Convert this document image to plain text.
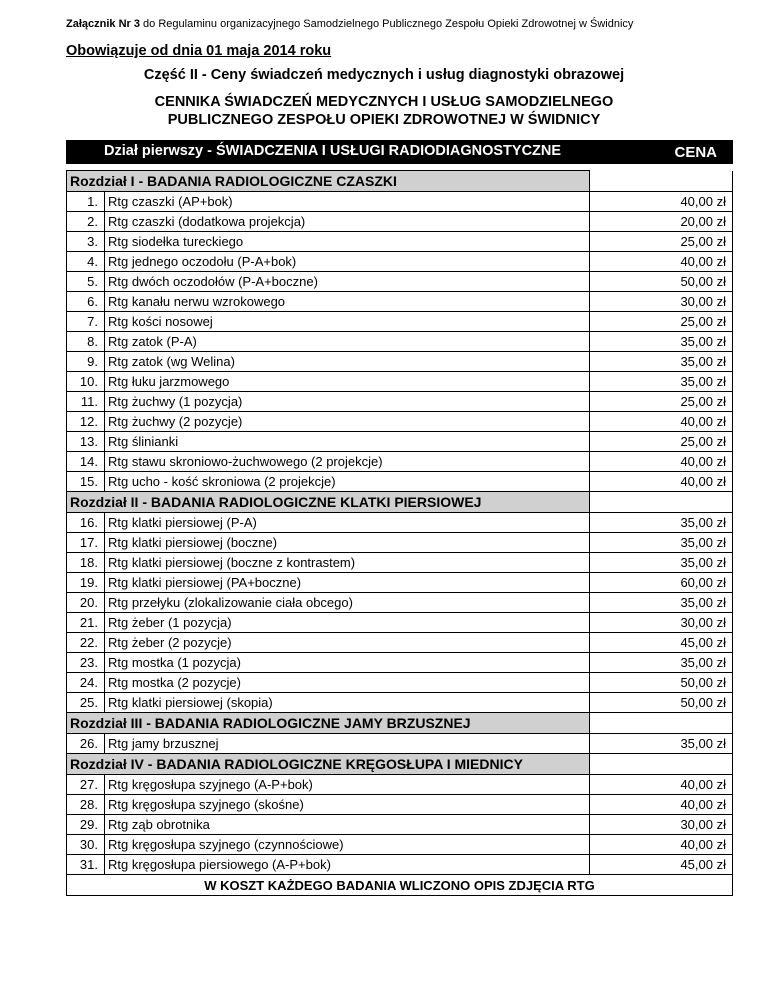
Załącznik Nr 3 do Regulaminu organizacyjnego Samodzielnego Publicznego Zespołu Opieki Zdrowotnej w Świdnicy
Obowiązuje od dnia 01 maja 2014 roku
Część II - Ceny świadczeń medycznych i usług diagnostyki obrazowej
CENNIKA ŚWIADCZEŃ MEDYCZNYCH I USŁUG SAMODZIELNEGO
PUBLICZNEGO ZESPOŁU OPIEKI ZDROWOTNEJ W ŚWIDNICY
Dział pierwszy - ŚWIADCZENIA I USŁUGI RADIODIAGNOSTYCZNE	CENA
Rozdział I - BADANIA RADIOLOGICZNE CZASZKI		
1.	Rtg czaszki (AP+bok)	40,00 zł
2.	Rtg czaszki (dodatkowa projekcja)	20,00 zł
3.	Rtg siodełka tureckiego	25,00 zł
4.	Rtg jednego oczodołu (P-A+bok)	40,00 zł
5.	Rtg dwóch oczodołów (P-A+boczne)	50,00 zł
6.	Rtg kanału nerwu wzrokowego	30,00 zł
7.	Rtg kości nosowej	25,00 zł
8.	Rtg zatok (P-A)	35,00 zł
9.	Rtg zatok (wg Welina)	35,00 zł
10.	Rtg łuku jarzmowego	35,00 zł
11.	Rtg żuchwy (1 pozycja)	25,00 zł
12.	Rtg żuchwy (2 pozycje)	40,00 zł
13.	Rtg ślinianki	25,00 zł
14.	Rtg stawu skroniowo-żuchwowego (2 projekcje)	40,00 zł
15.	Rtg ucho - kość skroniowa (2 projekcje)	40,00 zł
Rozdział II - BADANIA RADIOLOGICZNE KLATKI PIERSIOWEJ		
16.	Rtg klatki piersiowej (P-A)	35,00 zł
17.	Rtg klatki piersiowej (boczne)	35,00 zł
18.	Rtg klatki piersiowej (boczne z kontrastem)	35,00 zł
19.	Rtg klatki piersiowej (PA+boczne)	60,00 zł
20.	Rtg przełyku (zlokalizowanie ciała obcego)	35,00 zł
21.	Rtg żeber (1 pozycja)	30,00 zł
22.	Rtg żeber (2 pozycje)	45,00 zł
23.	Rtg mostka (1 pozycja)	35,00 zł
24.	Rtg mostka (2 pozycje)	50,00 zł
25.	Rtg klatki piersiowej (skopia)	50,00 zł
Rozdział III - BADANIA RADIOLOGICZNE JAMY BRZUSZNEJ		
26.	Rtg jamy brzusznej	35,00 zł
Rozdział IV - BADANIA RADIOLOGICZNE KRĘGOSŁUPA I MIEDNICY		
27.	Rtg kręgosłupa szyjnego (A-P+bok)	40,00 zł
28.	Rtg kręgosłupa szyjnego (skośne)	40,00 zł
29.	Rtg ząb obrotnika	30,00 zł
30.	Rtg kręgosłupa szyjnego (czynnościowe)	40,00 zł
31.	Rtg kręgosłupa piersiowego (A-P+bok)	45,00 zł
W KOSZT KAŻDEGO BADANIA WLICZONO OPIS ZDJĘCIA RTG		
